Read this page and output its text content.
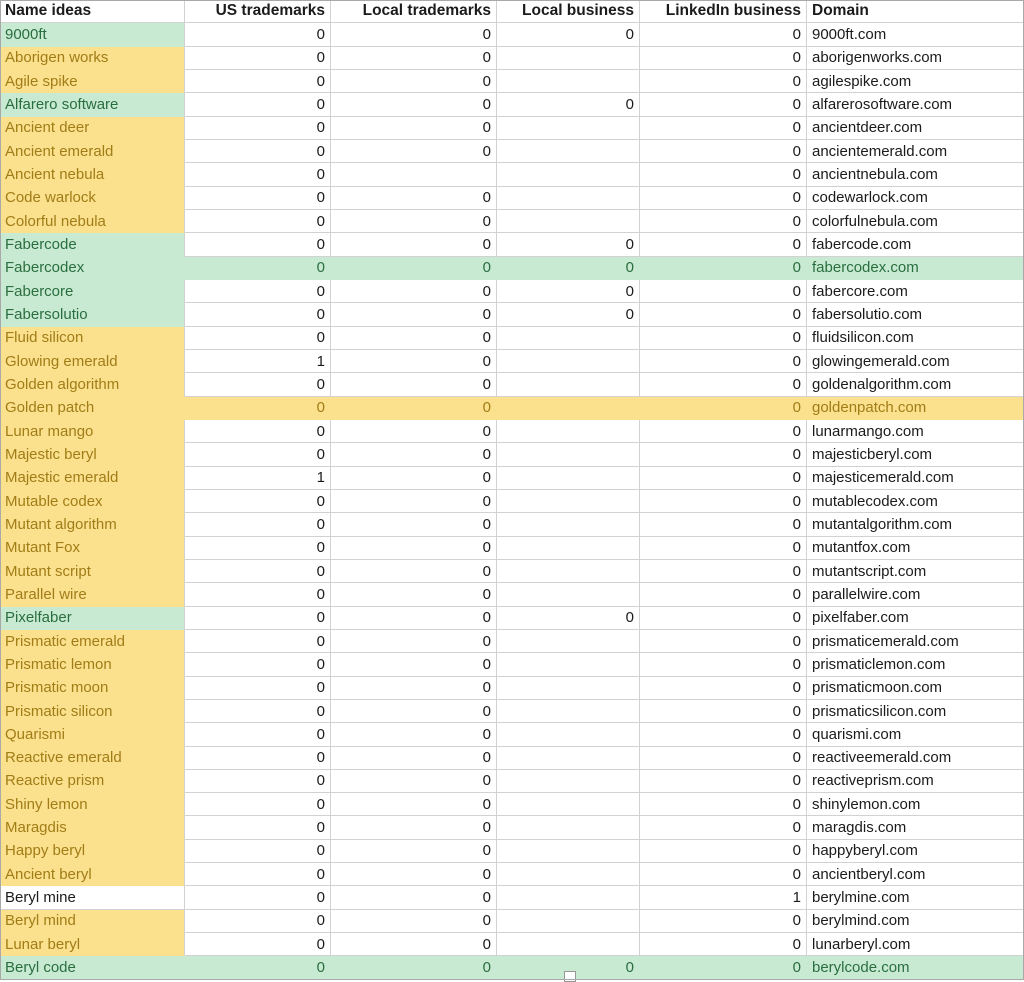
Name ideas	US trademarks	Local trademarks	Local business	LinkedIn business	Domain
9000ft	0	0	0	0	9000ft.com
Aborigen works	0	0		0	aborigenworks.com
Agile spike	0	0		0	agilespike.com
Alfarero software	0	0	0	0	alfarerosoftware.com
Ancient deer	0	0		0	ancientdeer.com
Ancient emerald	0	0		0	ancientemerald.com
Ancient nebula	0			0	ancientnebula.com
Code warlock	0	0		0	codewarlock.com
Colorful nebula	0	0		0	colorfulnebula.com
Fabercode	0	0	0	0	fabercode.com
Fabercodex	0	0	0	0	fabercodex.com
Fabercore	0	0	0	0	fabercore.com
Fabersolutio	0	0	0	0	fabersolutio.com
Fluid silicon	0	0		0	fluidsilicon.com
Glowing emerald	1	0		0	glowingemerald.com
Golden algorithm	0	0		0	goldenalgorithm.com
Golden patch	0	0		0	goldenpatch.com
Lunar mango	0	0		0	lunarmango.com
Majestic beryl	0	0		0	majesticberyl.com
Majestic emerald	1	0		0	majesticemerald.com
Mutable codex	0	0		0	mutablecodex.com
Mutant algorithm	0	0		0	mutantalgorithm.com
Mutant Fox	0	0		0	mutantfox.com
Mutant script	0	0		0	mutantscript.com
Parallel wire	0	0		0	parallelwire.com
Pixelfaber	0	0	0	0	pixelfaber.com
Prismatic emerald	0	0		0	prismaticemerald.com
Prismatic lemon	0	0		0	prismaticlemon.com
Prismatic moon	0	0		0	prismaticmoon.com
Prismatic silicon	0	0		0	prismaticsilicon.com
Quarismi	0	0		0	quarismi.com
Reactive emerald	0	0		0	reactiveemerald.com
Reactive prism	0	0		0	reactiveprism.com
Shiny lemon	0	0		0	shinylemon.com
Maragdis	0	0		0	maragdis.com
Happy beryl	0	0		0	happyberyl.com
Ancient beryl	0	0		0	ancientberyl.com
Beryl mine	0	0		1	berylmine.com
Beryl mind	0	0		0	berylmind.com
Lunar beryl	0	0		0	lunarberyl.com
Beryl code	0	0	0	0	berylcode.com
